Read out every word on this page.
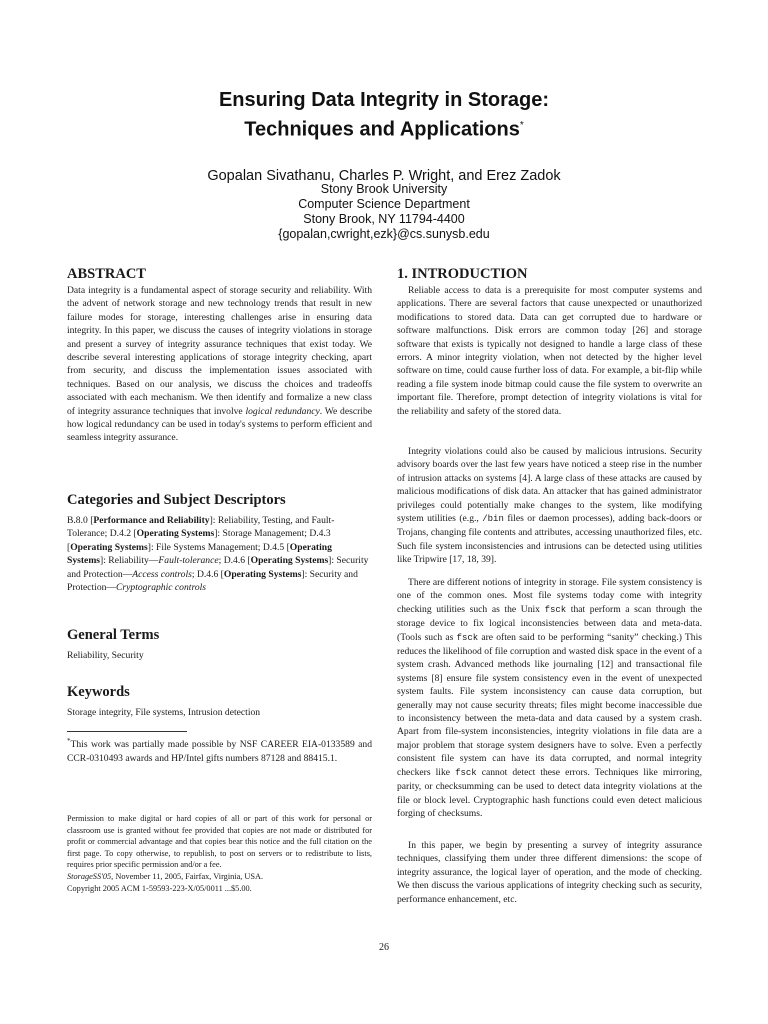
Ensuring Data Integrity in Storage:
Techniques and Applications*
Gopalan Sivathanu, Charles P. Wright, and Erez Zadok
Stony Brook University
Computer Science Department
Stony Brook, NY 11794-4400
{gopalan,cwright,ezk}@cs.sunysb.edu
ABSTRACT
Data integrity is a fundamental aspect of storage security and reliability. With the advent of network storage and new technology trends that result in new failure modes for storage, interesting challenges arise in ensuring data integrity. In this paper, we discuss the causes of integrity violations in storage and present a survey of integrity assurance techniques that exist today. We describe several interesting applications of storage integrity checking, apart from security, and discuss the implementation issues associated with techniques. Based on our analysis, we discuss the choices and tradeoffs associated with each mechanism. We then identify and formalize a new class of integrity assurance techniques that involve logical redundancy. We describe how logical redundancy can be used in today's systems to perform efficient and seamless integrity assurance.
Categories and Subject Descriptors
B.8.0 [Performance and Reliability]: Reliability, Testing, and Fault-Tolerance; D.4.2 [Operating Systems]: Storage Management; D.4.3 [Operating Systems]: File Systems Management; D.4.5 [Operating Systems]: Reliability—Fault-tolerance; D.4.6 [Operating Systems]: Security and Protection—Access controls; D.4.6 [Operating Systems]: Security and Protection—Cryptographic controls
General Terms
Reliability, Security
Keywords
Storage integrity, File systems, Intrusion detection
*This work was partially made possible by NSF CAREER EIA-0133589 and CCR-0310493 awards and HP/Intel gifts numbers 87128 and 88415.1.
Permission to make digital or hard copies of all or part of this work for personal or classroom use is granted without fee provided that copies are not made or distributed for profit or commercial advantage and that copies bear this notice and the full citation on the first page. To copy otherwise, to republish, to post on servers or to redistribute to lists, requires prior specific permission and/or a fee.
StorageSS'05, November 11, 2005, Fairfax, Virginia, USA.
Copyright 2005 ACM 1-59593-223-X/05/0011 ...$5.00.
1. INTRODUCTION
Reliable access to data is a prerequisite for most computer systems and applications. There are several factors that cause unexpected or unauthorized modifications to stored data. Data can get corrupted due to hardware or software malfunctions. Disk errors are common today [26] and storage software that exists is typically not designed to handle a large class of these errors. A minor integrity violation, when not detected by the higher level software on time, could cause further loss of data. For example, a bit-flip while reading a file system inode bitmap could cause the file system to overwrite an important file. Therefore, prompt detection of integrity violations is vital for the reliability and safety of the stored data.
Integrity violations could also be caused by malicious intrusions. Security advisory boards over the last few years have noticed a steep rise in the number of intrusion attacks on systems [4]. A large class of these attacks are caused by malicious modifications of disk data. An attacker that has gained administrator privileges could potentially make changes to the system, like modifying system utilities (e.g., /bin files or daemon processes), adding back-doors or Trojans, changing file contents and attributes, accessing unauthorized files, etc. Such file system inconsistencies and intrusions can be detected using utilities like Tripwire [17, 18, 39].
There are different notions of integrity in storage. File system consistency is one of the common ones. Most file systems today come with integrity checking utilities such as the Unix fsck that perform a scan through the storage device to fix logical inconsistencies between data and meta-data. (Tools such as fsck are often said to be performing “sanity” checking.) This reduces the likelihood of file corruption and wasted disk space in the event of a system crash. Advanced methods like journaling [12] and transactional file systems [8] ensure file system consistency even in the event of unexpected system faults. File system inconsistency can cause data corruption, but generally may not cause security threats; files might become inaccessible due to inconsistency between the meta-data and data caused by a system crash. Apart from file-system inconsistencies, integrity violations in file data are a major problem that storage system designers have to solve. Even a perfectly consistent file system can have its data corrupted, and normal integrity checkers like fsck cannot detect these errors. Techniques like mirroring, parity, or checksumming can be used to detect data integrity violations at the file or block level. Cryptographic hash functions could even detect malicious forging of checksums.
In this paper, we begin by presenting a survey of integrity assurance techniques, classifying them under three different dimensions: the scope of integrity assurance, the logical layer of operation, and the mode of checking. We then discuss the various applications of integrity checking such as security, performance enhancement, etc.
26
